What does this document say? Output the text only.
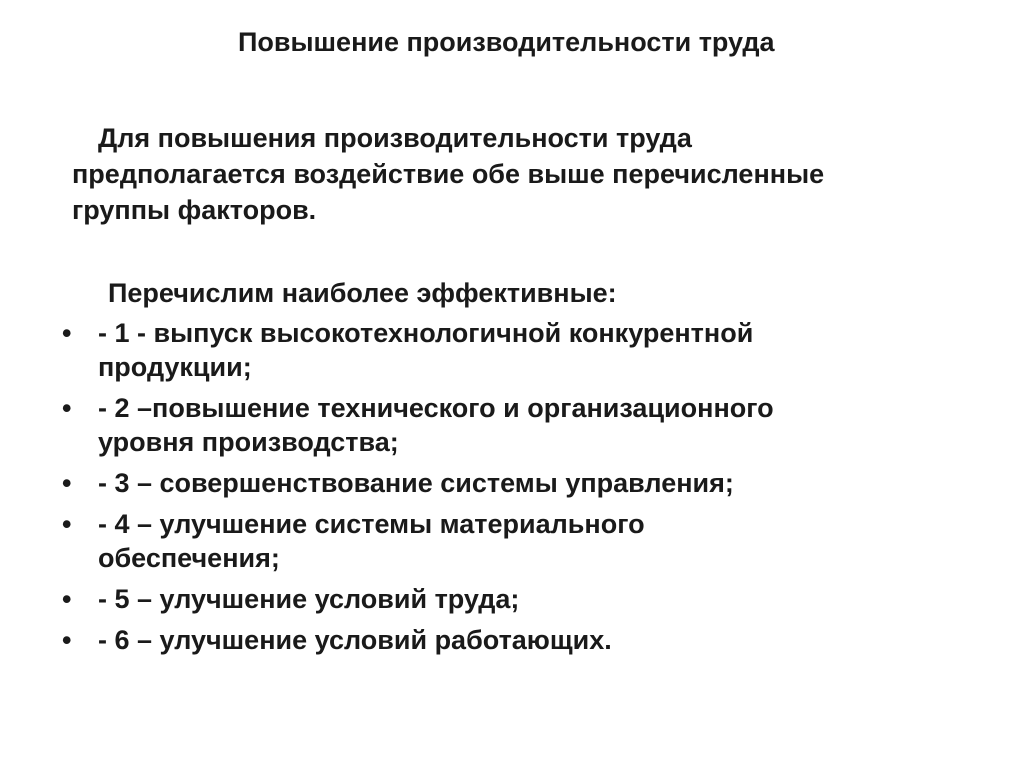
Повышение производительности труда
Для повышения производительности труда
предполагается воздействие обе выше перечисленные
группы факторов.
Перечислим наиболее эффективные:
• - 1 - выпуск высокотехнологичной конкурентной
продукции;
• - 2 –повышение технического и организационного
уровня производства;
• - 3 – совершенствование системы управления;
• - 4 – улучшение системы материального
обеспечения;
• - 5 – улучшение условий труда;
• - 6 – улучшение условий работающих.
